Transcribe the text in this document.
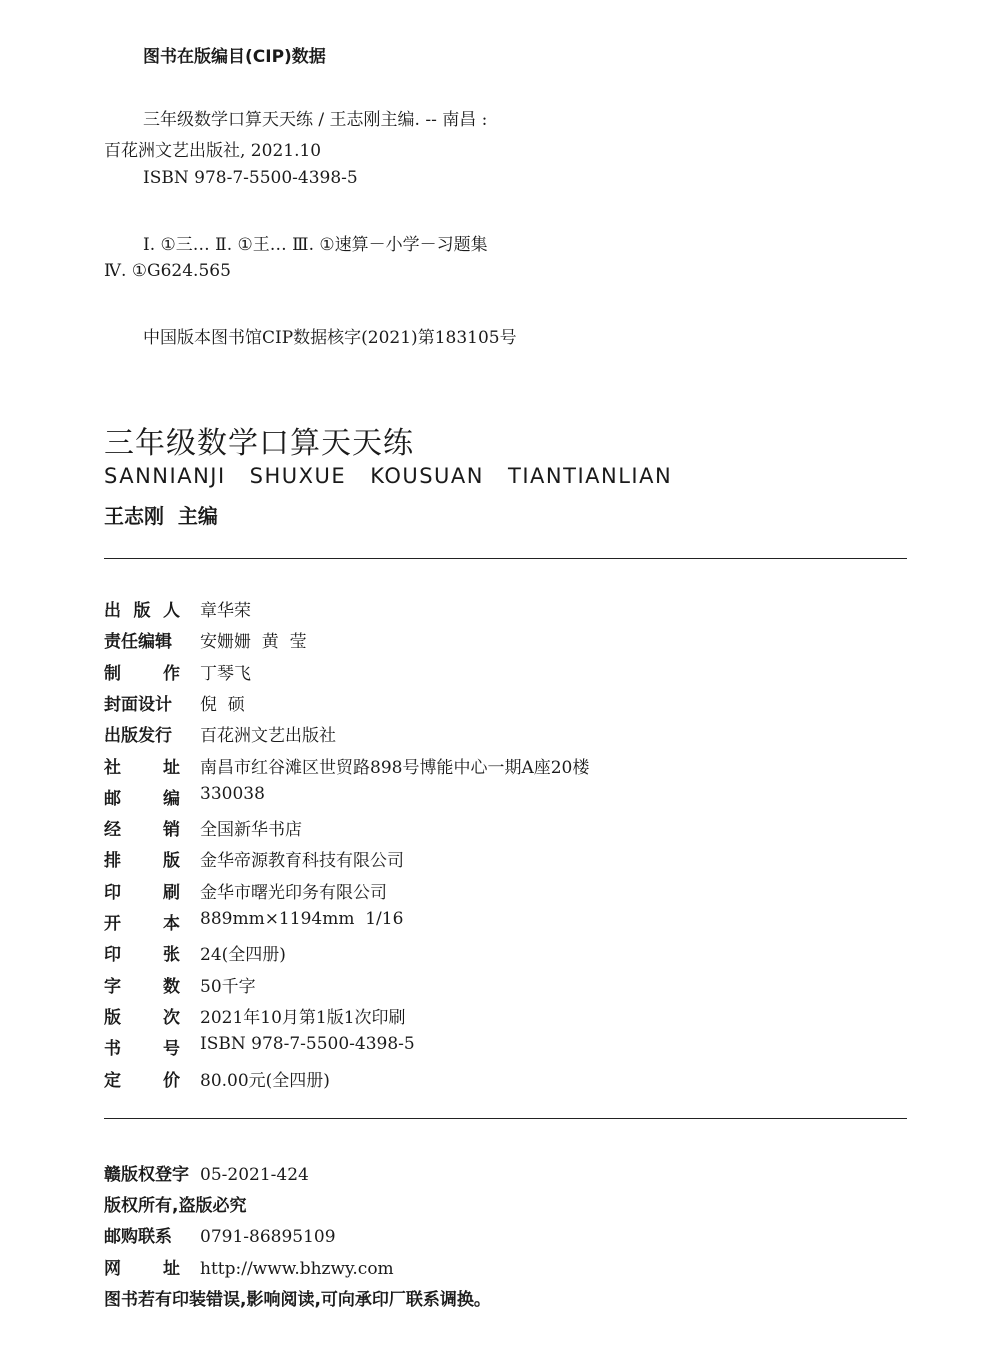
图书在版编目(CIP)数据
三年级数学口算天天练 / 王志刚主编. -- 南昌 :
百花洲文艺出版社, 2021.10
ISBN 978-7-5500-4398-5
Ⅰ. ①三… Ⅱ. ①王… Ⅲ. ①速算－小学－习题集
Ⅳ. ①G624.565
中国版本图书馆CIP数据核字(2021)第183105号
三年级数学口算天天练
SANNIANJI SHUXUE KOUSUAN TIANTIANLIAN
王志刚  主编
出 版 人 章华荣
责任编辑 安姗姗  黄  莹
制 作 丁琴飞
封面设计 倪  硕
出版发行 百花洲文艺出版社
社 址 南昌市红谷滩区世贸路898号博能中心一期A座20楼
邮 编 330038
经 销 全国新华书店
排 版 金华帝源教育科技有限公司
印 刷 金华市曙光印务有限公司
开 本 889mm×1194mm  1/16
印 张 24(全四册)
字 数 50千字
版 次 2021年10月第1版1次印刷
书 号 ISBN 978-7-5500-4398-5
定 价 80.00元(全四册)
赣版权登字 05-2021-424
版权所有,盗版必究
邮购联系 0791-86895109
网 址 http://www.bhzwy.com
图书若有印装错误,影响阅读,可向承印厂联系调换。
